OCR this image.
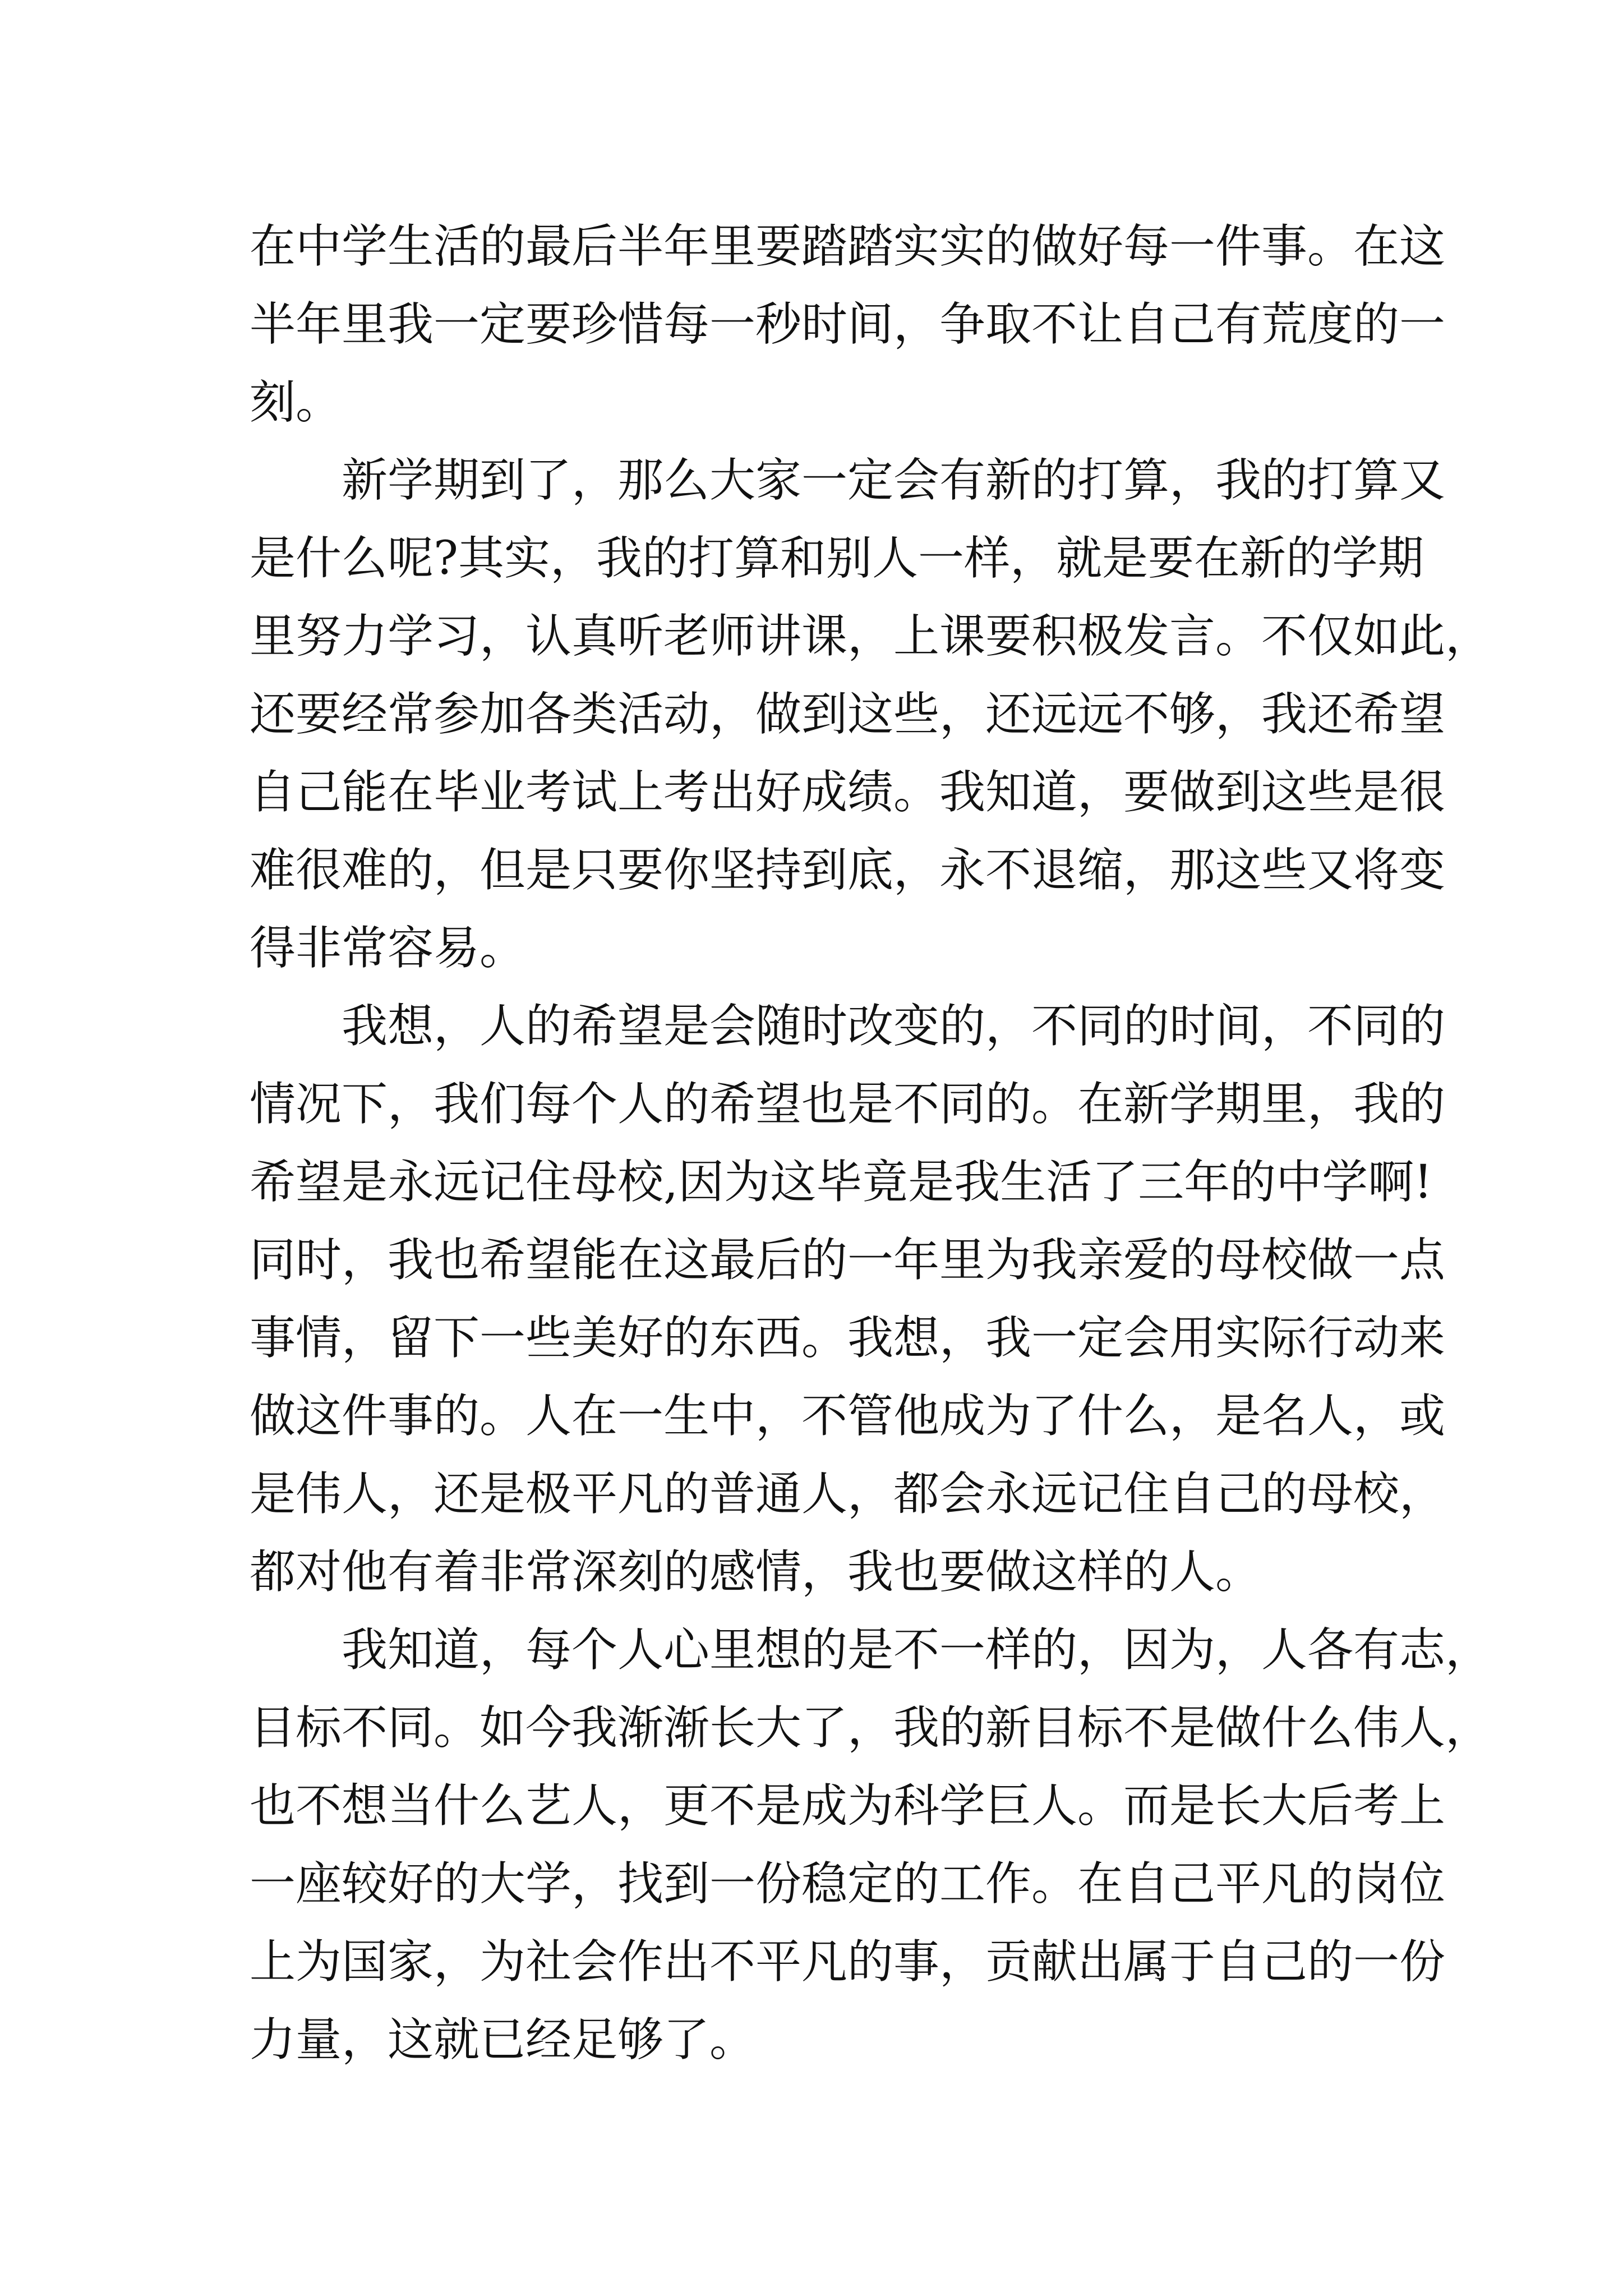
在中学生活的最后半年里要踏踏实实的做好每一件事。在这
半年里我一定要珍惜每一秒时间，争取不让自己有荒度的一
刻。
　　新学期到了，那么大家一定会有新的打算，我的打算又
是什么呢?其实，我的打算和别人一样，就是要在新的学期
里努力学习，认真听老师讲课，上课要积极发言。不仅如此，
还要经常参加各类活动，做到这些，还远远不够，我还希望
自己能在毕业考试上考出好成绩。我知道，要做到这些是很
难很难的，但是只要你坚持到底，永不退缩，那这些又将变
得非常容易。
　　我想，人的希望是会随时改变的，不同的时间，不同的
情况下，我们每个人的希望也是不同的。在新学期里，我的
希望是永远记住母校,因为这毕竟是我生活了三年的中学啊!
同时，我也希望能在这最后的一年里为我亲爱的母校做一点
事情，留下一些美好的东西。我想，我一定会用实际行动来
做这件事的。人在一生中，不管他成为了什么，是名人，或
是伟人，还是极平凡的普通人，都会永远记住自己的母校，
都对他有着非常深刻的感情，我也要做这样的人。
　　我知道，每个人心里想的是不一样的，因为，人各有志，
目标不同。如今我渐渐长大了，我的新目标不是做什么伟人，
也不想当什么艺人，更不是成为科学巨人。而是长大后考上
一座较好的大学，找到一份稳定的工作。在自己平凡的岗位
上为国家，为社会作出不平凡的事，贡献出属于自己的一份
力量，这就已经足够了。
